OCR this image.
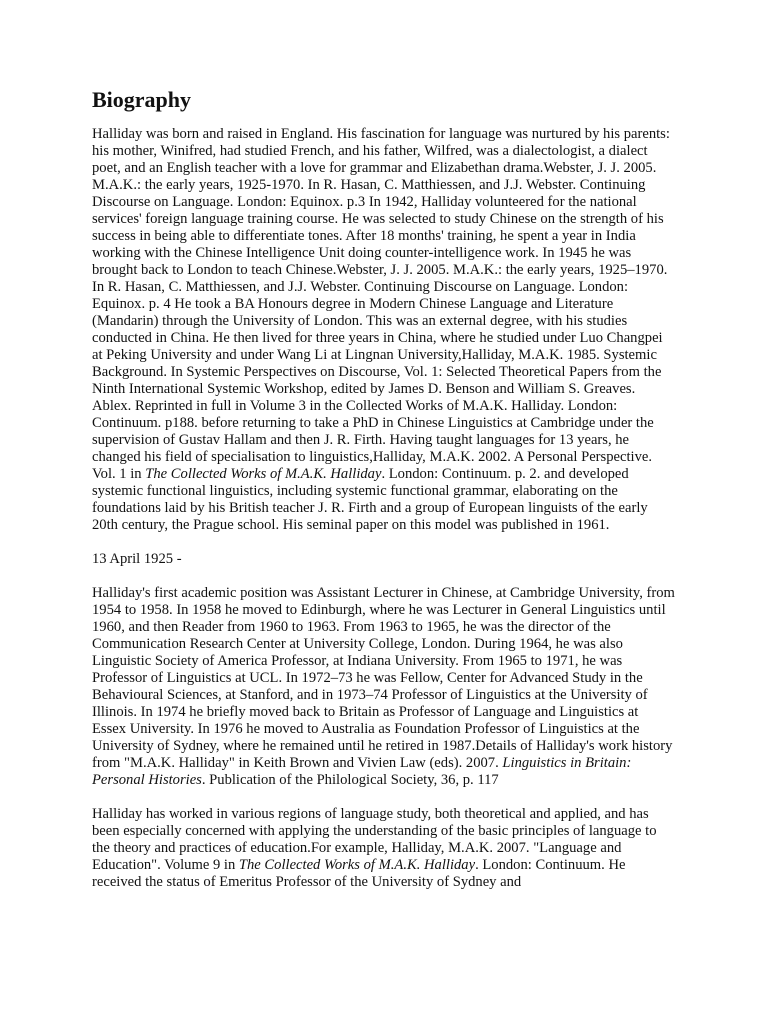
Biography

Halliday was born and raised in England. His fascination for language was nurtured by his parents: his mother, Winifred, had studied French, and his father, Wilfred, was a dialectologist, a dialect poet, and an English teacher with a love for grammar and Elizabethan drama.Webster, J. J. 2005. M.A.K.: the early years, 1925-1970. In R. Hasan, C. Matthiessen, and J.J. Webster. Continuing Discourse on Language. London: Equinox. p.3 In 1942, Halliday volunteered for the national services' foreign language training course. He was selected to study Chinese on the strength of his success in being able to differentiate tones. After 18 months' training, he spent a year in India working with the Chinese Intelligence Unit doing counter-intelligence work. In 1945 he was brought back to London to teach Chinese.Webster, J. J. 2005. M.A.K.: the early years, 1925–1970. In R. Hasan, C. Matthiessen, and J.J. Webster. Continuing Discourse on Language. London: Equinox. p. 4 He took a BA Honours degree in Modern Chinese Language and Literature (Mandarin) through the University of London. This was an external degree, with his studies conducted in China. He then lived for three years in China, where he studied under Luo Changpei at Peking University and under Wang Li at Lingnan University,Halliday, M.A.K. 1985. Systemic Background. In Systemic Perspectives on Discourse, Vol. 1: Selected Theoretical Papers from the Ninth International Systemic Workshop, edited by James D. Benson and William S. Greaves. Ablex. Reprinted in full in Volume 3 in the Collected Works of M.A.K. Halliday. London: Continuum. p188. before returning to take a PhD in Chinese Linguistics at Cambridge under the supervision of Gustav Hallam and then J. R. Firth. Having taught languages for 13 years, he changed his field of specialisation to linguistics,Halliday, M.A.K. 2002. A Personal Perspective. Vol. 1 in The Collected Works of M.A.K. Halliday. London: Continuum. p. 2. and developed systemic functional linguistics, including systemic functional grammar, elaborating on the foundations laid by his British teacher J. R. Firth and a group of European linguists of the early 20th century, the Prague school. His seminal paper on this model was published in 1961.

13 April 1925 -

Halliday's first academic position was Assistant Lecturer in Chinese, at Cambridge University, from 1954 to 1958. In 1958 he moved to Edinburgh, where he was Lecturer in General Linguistics until 1960, and then Reader from 1960 to 1963. From 1963 to 1965, he was the director of the Communication Research Center at University College, London. During 1964, he was also Linguistic Society of America Professor, at Indiana University. From 1965 to 1971, he was Professor of Linguistics at UCL. In 1972–73 he was Fellow, Center for Advanced Study in the Behavioural Sciences, at Stanford, and in 1973–74 Professor of Linguistics at the University of Illinois. In 1974 he briefly moved back to Britain as Professor of Language and Linguistics at Essex University. In 1976 he moved to Australia as Foundation Professor of Linguistics at the University of Sydney, where he remained until he retired in 1987.Details of Halliday's work history from "M.A.K. Halliday" in Keith Brown and Vivien Law (eds). 2007. Linguistics in Britain: Personal Histories. Publication of the Philological Society, 36, p. 117

Halliday has worked in various regions of language study, both theoretical and applied, and has been especially concerned with applying the understanding of the basic principles of language to the theory and practices of education.For example, Halliday, M.A.K. 2007. "Language and Education". Volume 9 in The Collected Works of M.A.K. Halliday. London: Continuum. He received the status of Emeritus Professor of the University of Sydney and
